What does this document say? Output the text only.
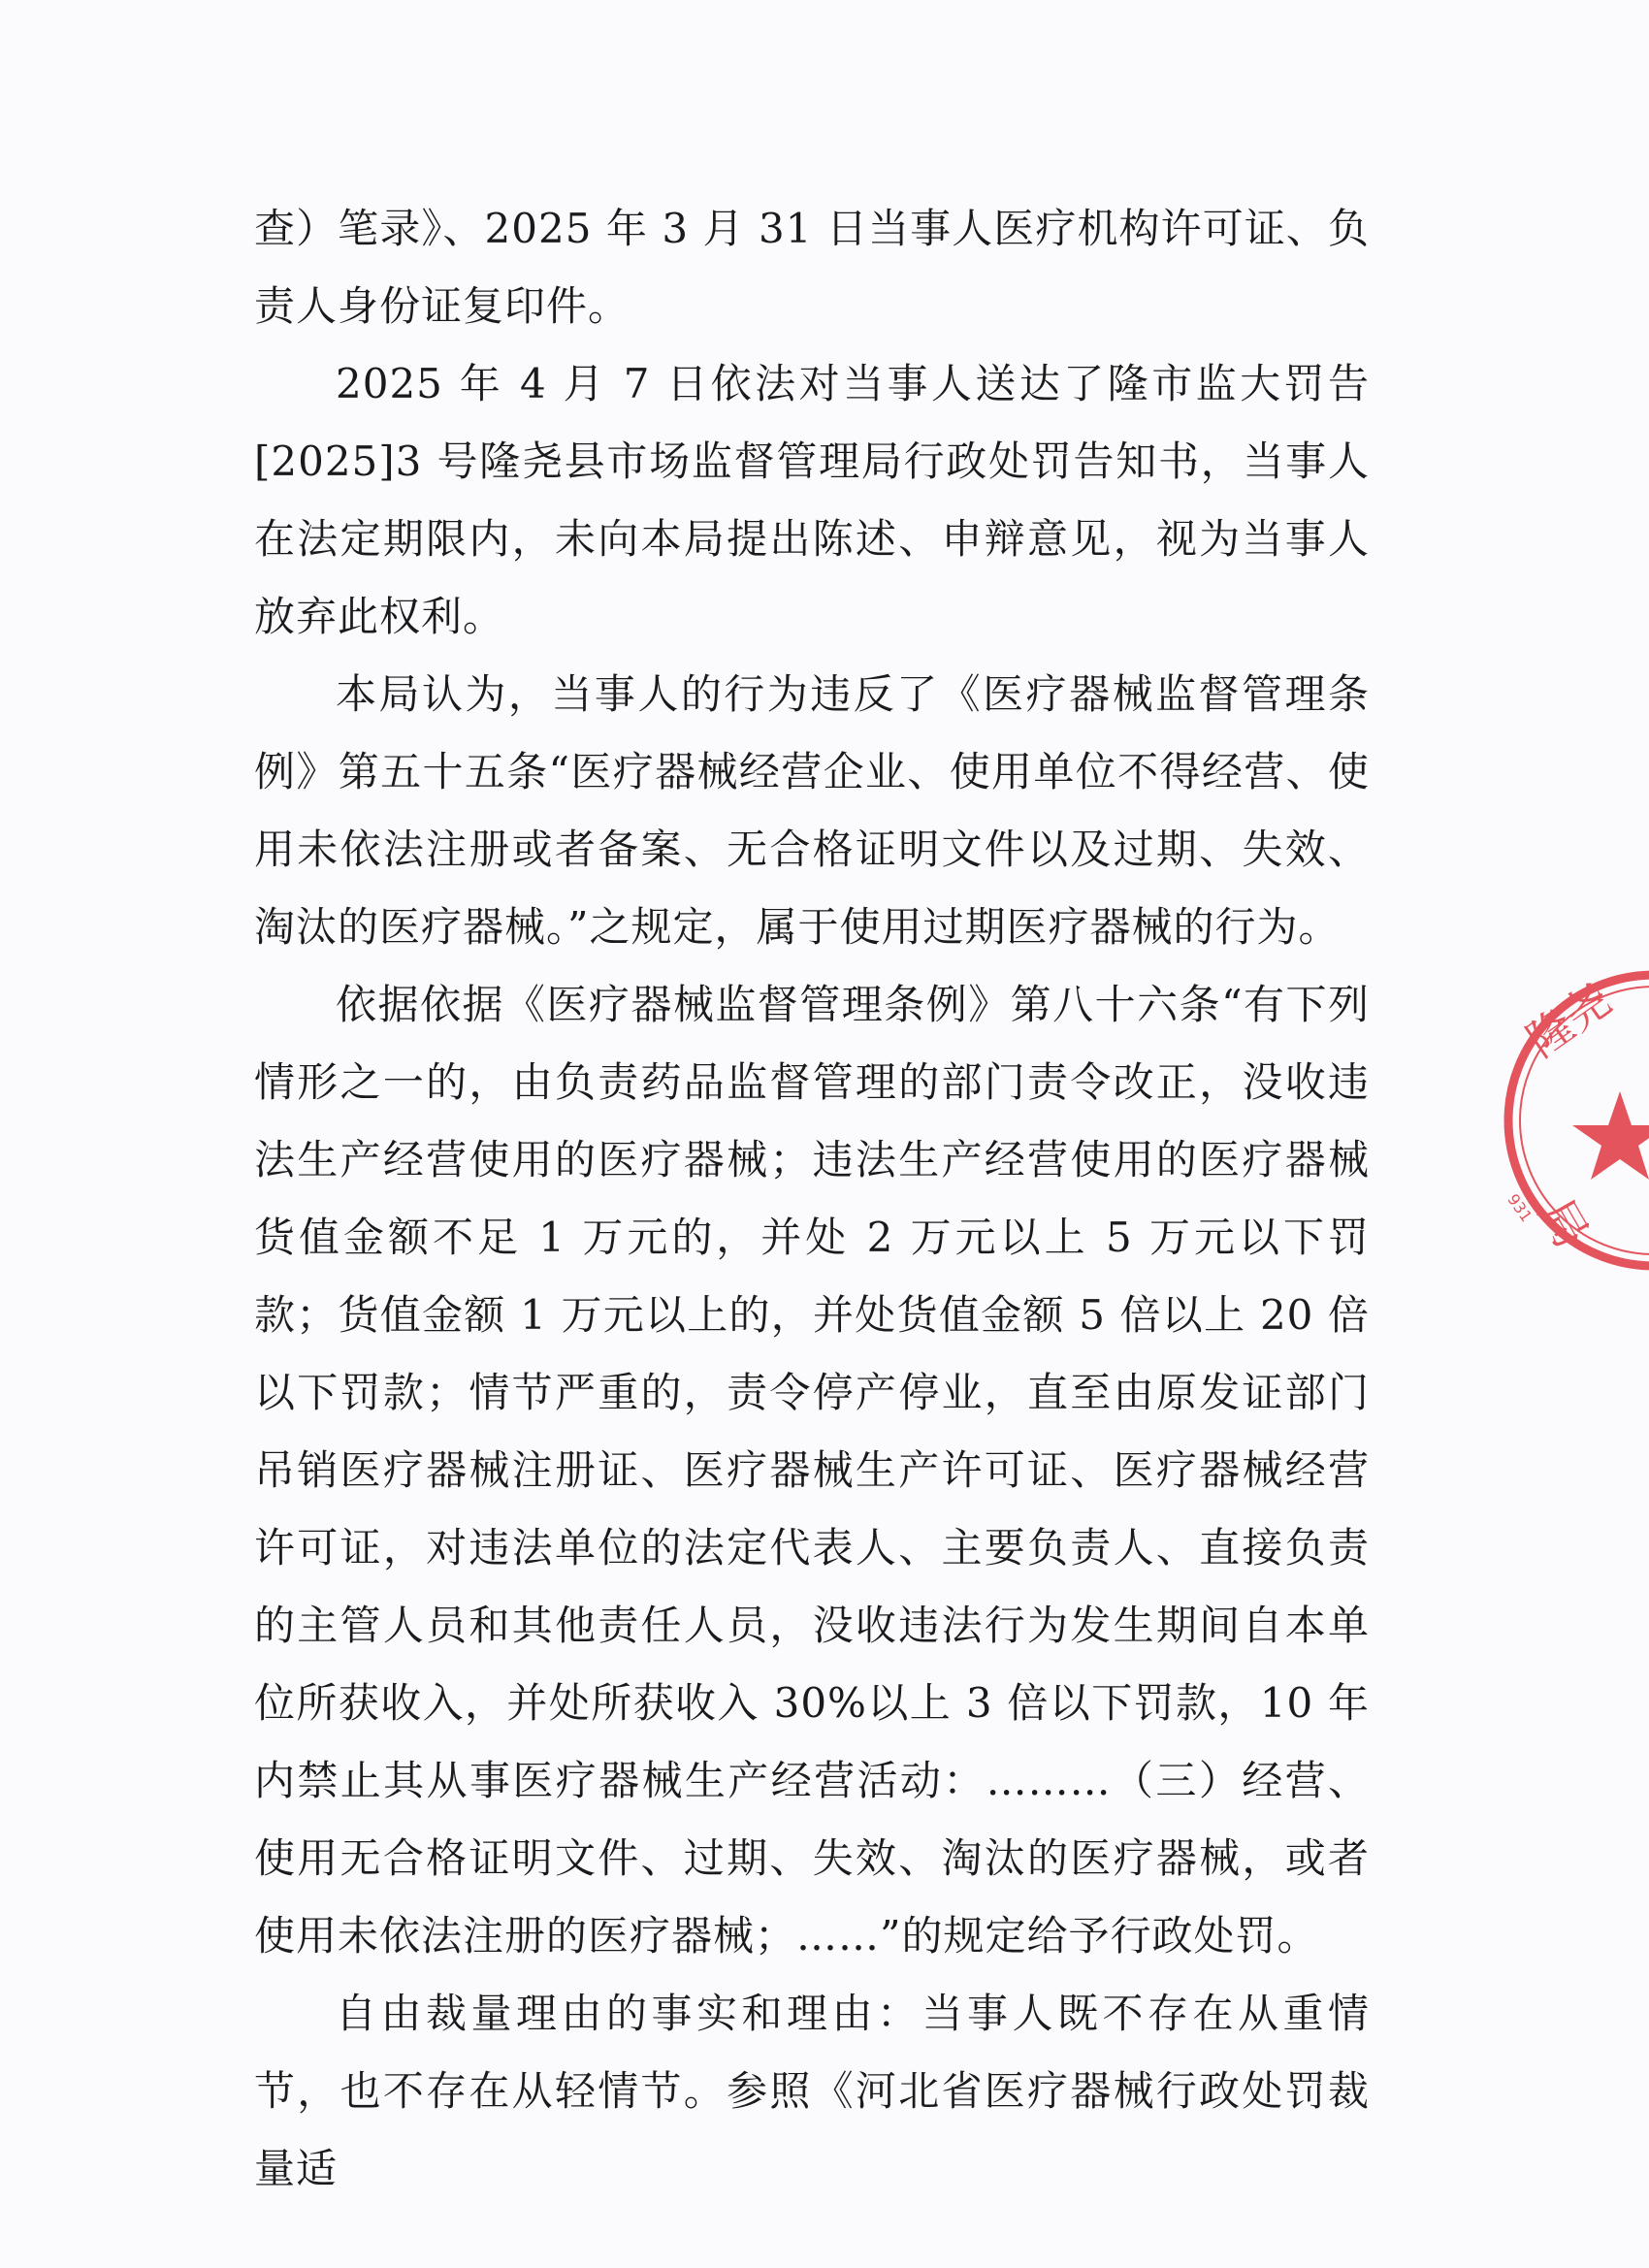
查）笔录》、2025 年 3 月 31 日当事人医疗机构许可证、负责人身份证复印件。

2025 年 4 月 7 日依法对当事人送达了隆市监大罚告[2025]3 号隆尧县市场监督管理局行政处罚告知书，当事人在法定期限内，未向本局提出陈述、申辩意见，视为当事人放弃此权利。

本局认为，当事人的行为违反了《医疗器械监督管理条例》第五十五条“医疗器械经营企业、使用单位不得经营、使用未依法注册或者备案、无合格证明文件以及过期、失效、淘汰的医疗器械。”之规定，属于使用过期医疗器械的行为。

依据依据《医疗器械监督管理条例》第八十六条“有下列情形之一的，由负责药品监督管理的部门责令改正，没收违法生产经营使用的医疗器械；违法生产经营使用的医疗器械货值金额不足 1 万元的，并处 2 万元以上 5 万元以下罚款；货值金额 1 万元以上的，并处货值金额 5 倍以上 20 倍以下罚款；情节严重的，责令停产停业，直至由原发证部门吊销医疗器械注册证、医疗器械生产许可证、医疗器械经营许可证，对违法单位的法定代表人、主要负责人、直接负责的主管人员和其他责任人员，没收违法行为发生期间自本单位所获收入，并处所获收入 30%以上 3 倍以下罚款，10 年内禁止其从事医疗器械生产经营活动：………（三）经营、使用无合格证明文件、过期、失效、淘汰的医疗器械，或者使用未依法注册的医疗器械；……”的规定给予行政处罚。

自由裁量理由的事实和理由：当事人既不存在从重情节，也不存在从轻情节。参照《河北省医疗器械行政处罚裁量适

隆尧
局
931
